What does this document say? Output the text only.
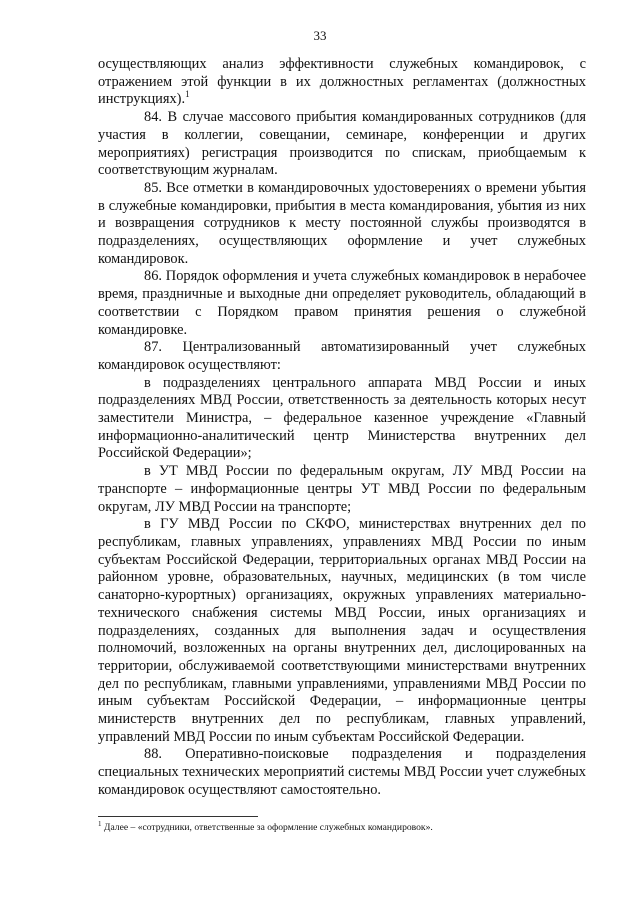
33

осуществляющих анализ эффективности служебных командировок, с отражением этой функции в их должностных регламентах (должностных инструкциях).$^1$

84. В случае массового прибытия командированных сотрудников (для участия в коллегии, совещании, семинаре, конференции и других мероприятиях) регистрация производится по спискам, приобщаемым к соответствующим журналам.

85. Все отметки в командировочных удостоверениях о времени убытия в служебные командировки, прибытия в места командирования, убытия из них и возвращения сотрудников к месту постоянной службы производятся в подразделениях, осуществляющих оформление и учет служебных командировок.

86. Порядок оформления и учета служебных командировок в нерабочее время, праздничные и выходные дни определяет руководитель, обладающий в соответствии с Порядком правом принятия решения о служебной командировке.

87. Централизованный автоматизированный учет служебных командировок осуществляют:

в подразделениях центрального аппарата МВД России и иных подразделениях МВД России, ответственность за деятельность которых несут заместители Министра, – федеральное казенное учреждение «Главный информационно-аналитический центр Министерства внутренних дел Российской Федерации»;

в УТ МВД России по федеральным округам, ЛУ МВД России на транспорте – информационные центры УТ МВД России по федеральным округам, ЛУ МВД России на транспорте;

в ГУ МВД России по СКФО, министерствах внутренних дел по республикам, главных управлениях, управлениях МВД России по иным субъектам Российской Федерации, территориальных органах МВД России на районном уровне, образовательных, научных, медицинских (в том числе санаторно-курортных) организациях, окружных управлениях материально-технического снабжения системы МВД России, иных организациях и подразделениях, созданных для выполнения задач и осуществления полномочий, возложенных на органы внутренних дел, дислоцированных на территории, обслуживаемой соответствующими министерствами внутренних дел по республикам, главными управлениями, управлениями МВД России по иным субъектам Российской Федерации, – информационные центры министерств внутренних дел по республикам, главных управлений, управлений МВД России по иным субъектам Российской Федерации.

88. Оперативно-поисковые подразделения и подразделения специальных технических мероприятий системы МВД России учет служебных командировок осуществляют самостоятельно.

$^1$ Далее – «сотрудники, ответственные за оформление служебных командировок».
